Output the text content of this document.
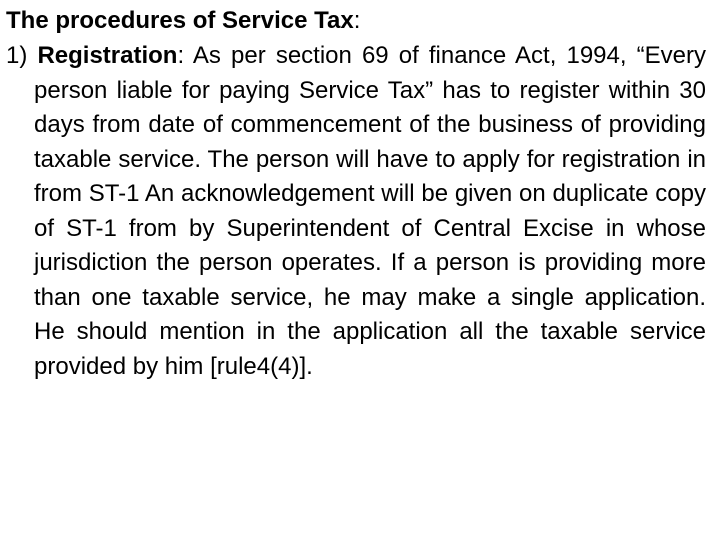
The procedures of Service Tax:

1) Registration: As per section 69 of finance Act, 1994, “Every person liable for paying Service Tax” has to register within 30 days from date of commencement of the business of providing taxable service. The person will have to apply for registration in from ST-1 An acknowledgement will be given on duplicate copy of ST-1 from by Superintendent of Central Excise in whose jurisdiction the person operates. If a person is providing more than one taxable service, he may make a single application. He should mention in the application all the taxable service provided by him [rule4(4)].
